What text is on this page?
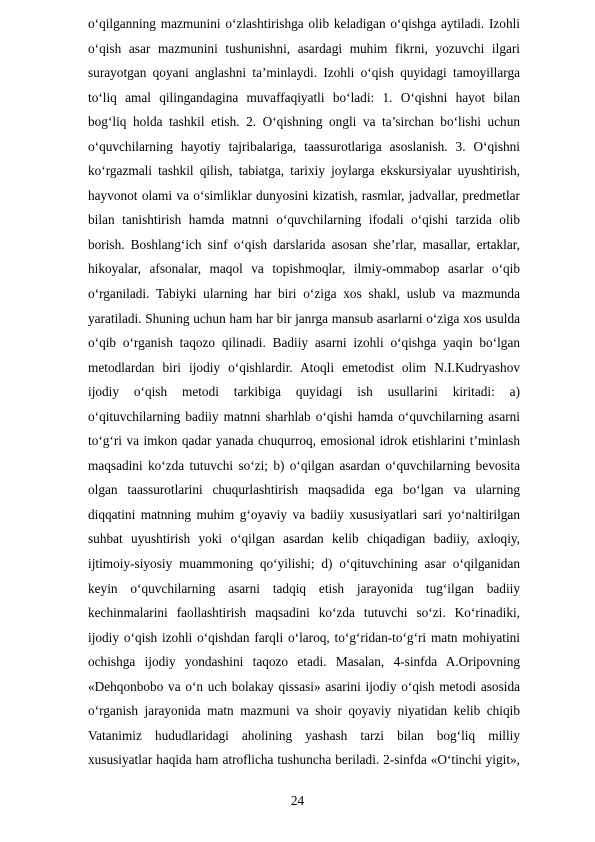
o‘qilganning mazmunini o‘zlashtirishga olib keladigan o‘qishga aytiladi. Izohli
o‘qish asar mazmunini tushunishni, asardagi muhim fikrni, yozuvchi ilgari
surayotgan qoyani anglashni ta’minlaydi. Izohli o‘qish quyidagi tamoyillarga
to‘liq amal qilingandagina muvaffaqiyatli bo‘ladi: 1. O‘qishni hayot bilan
bog‘liq holda tashkil etish. 2. O‘qishning ongli va ta’sirchan bo‘lishi uchun
o‘quvchilarning hayotiy tajribalariga, taassurotlariga asoslanish. 3. O‘qishni
ko‘rgazmali tashkil qilish, tabiatga, tarixiy joylarga ekskursiyalar uyushtirish,
hayvonot olami va o‘simliklar dunyosini kizatish, rasmlar, jadvallar, predmetlar
bilan tanishtirish hamda matnni o‘quvchilarning ifodali o‘qishi tarzida olib
borish. Boshlang‘ich sinf o‘qish darslarida asosan she’rlar, masallar, ertaklar,
hikoyalar, afsonalar, maqol va topishmoqlar, ilmiy-ommabop asarlar o‘qib
o‘rganiladi. Tabiyki ularning har biri o‘ziga xos shakl, uslub va mazmunda
yaratiladi. Shuning uchun ham har bir janrga mansub asarlarni o‘ziga xos usulda
o‘qib o‘rganish taqozo qilinadi. Badiiy asarni izohli o‘qishga yaqin bo‘lgan
metodlardan biri ijodiy o‘qishlardir. Atoqli emetodist olim N.I.Kudryashov
ijodiy o‘qish metodi tarkibiga quyidagi ish usullarini kiritadi: a)
o‘qituvchilarning badiiy matnni sharhlab o‘qishi hamda o‘quvchilarning asarni
to‘g‘ri va imkon qadar yanada chuqurroq, emosional idrok etishlarini t’minlash
maqsadini ko‘zda tutuvchi so‘zi; b) o‘qilgan asardan o‘quvchilarning bevosita
olgan taassurotlarini chuqurlashtirish maqsadida ega bo‘lgan va ularning
diqqatini matnning muhim g‘oyaviy va badiiy xususiyatlari sari yo‘naltirilgan
suhbat uyushtirish yoki o‘qilgan asardan kelib chiqadigan badiiy, axloqiy,
ijtimoiy-siyosiy muammoning qo‘yilishi; d) o‘qituvchining asar o‘qilganidan
keyin o‘quvchilarning asarni tadqiq etish jarayonida tug‘ilgan badiiy
kechinmalarini faollashtirish maqsadini ko‘zda tutuvchi so‘zi. Ko‘rinadiki,
ijodiy o‘qish izohli o‘qishdan farqli o‘laroq, to‘g‘ridan-to‘g‘ri matn mohiyatini
ochishga ijodiy yondashini taqozo etadi. Masalan, 4-sinfda A.Oripovning
«Dehqonbobo va o‘n uch bolakay qissasi» asarini ijodiy o‘qish metodi asosida
o‘rganish jarayonida matn mazmuni va shoir qoyaviy niyatidan kelib chiqib
Vatanimiz hududlaridagi aholining yashash tarzi bilan bog‘liq milliy
xususiyatlar haqida ham atroflicha tushuncha beriladi. 2-sinfda «O‘tinchi yigit»,
24
